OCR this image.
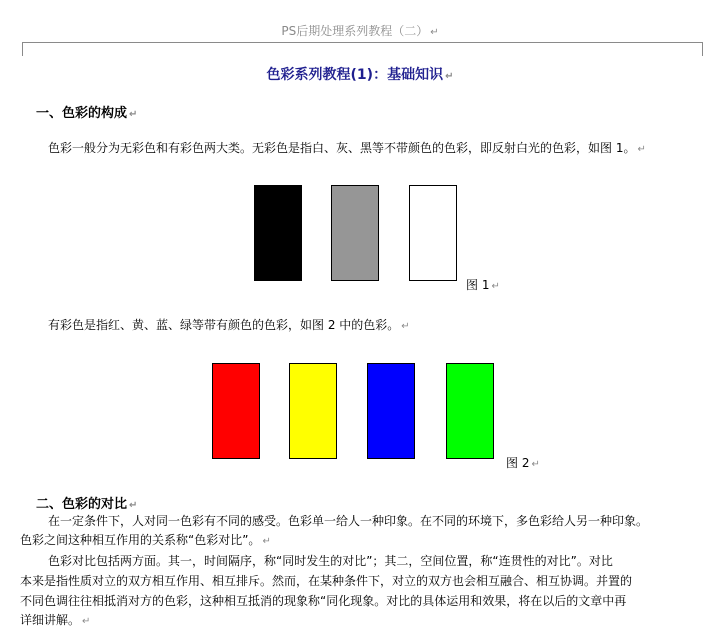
PS后期处理系列教程（二） ↵
色彩系列教程(1)：基础知识 ↵
一、色彩的构成 ↵
色彩一般分为无彩色和有彩色两大类。无彩色是指白、灰、黑等不带颜色的色彩，即反射白光的色彩，如图 1。 ↵
图 1 ↵
有彩色是指红、黄、蓝、绿等带有颜色的色彩，如图 2 中的色彩。 ↵
图 2 ↵
二、色彩的对比 ↵
在一定条件下，人对同一色彩有不同的感受。色彩单一给人一种印象。在不同的环境下，多色彩给人另一种印象。
色彩之间这种相互作用的关系称“色彩对比”。 ↵
色彩对比包括两方面。其一，时间隔序，称“同时发生的对比”；其二，空间位置，称“连贯性的对比”。对比
本来是指性质对立的双方相互作用、相互排斥。然而，在某种条件下，对立的双方也会相互融合、相互协调。并置的
不同色调往往相抵消对方的色彩，这种相互抵消的现象称“同化现象。对比的具体运用和效果，将在以后的文章中再
详细讲解。 ↵
